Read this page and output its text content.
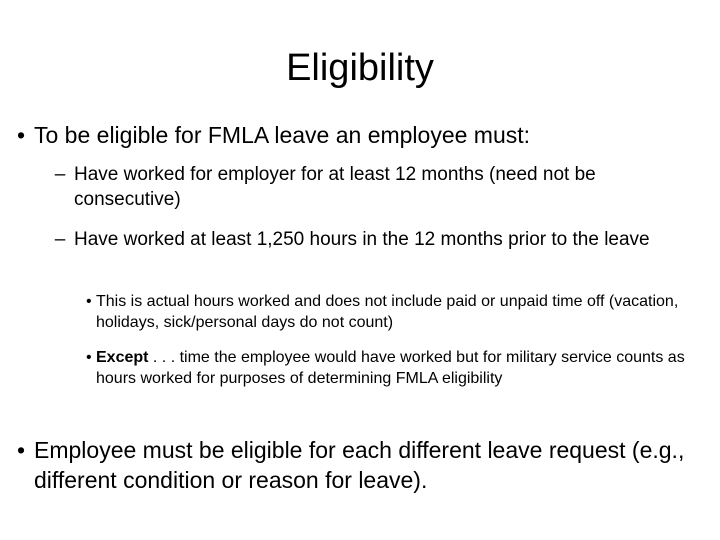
Eligibility
• To be eligible for FMLA leave an employee must:
– Have worked for employer for at least 12 months (need not be consecutive)
– Have worked at least 1,250 hours in the 12 months prior to the leave
• This is actual hours worked and does not include paid or unpaid time off (vacation, holidays, sick/personal days do not count)
• Except . . . time the employee would have worked but for military service counts as hours worked for purposes of determining FMLA eligibility
• Employee must be eligible for each different leave request (e.g., different condition or reason for leave).
